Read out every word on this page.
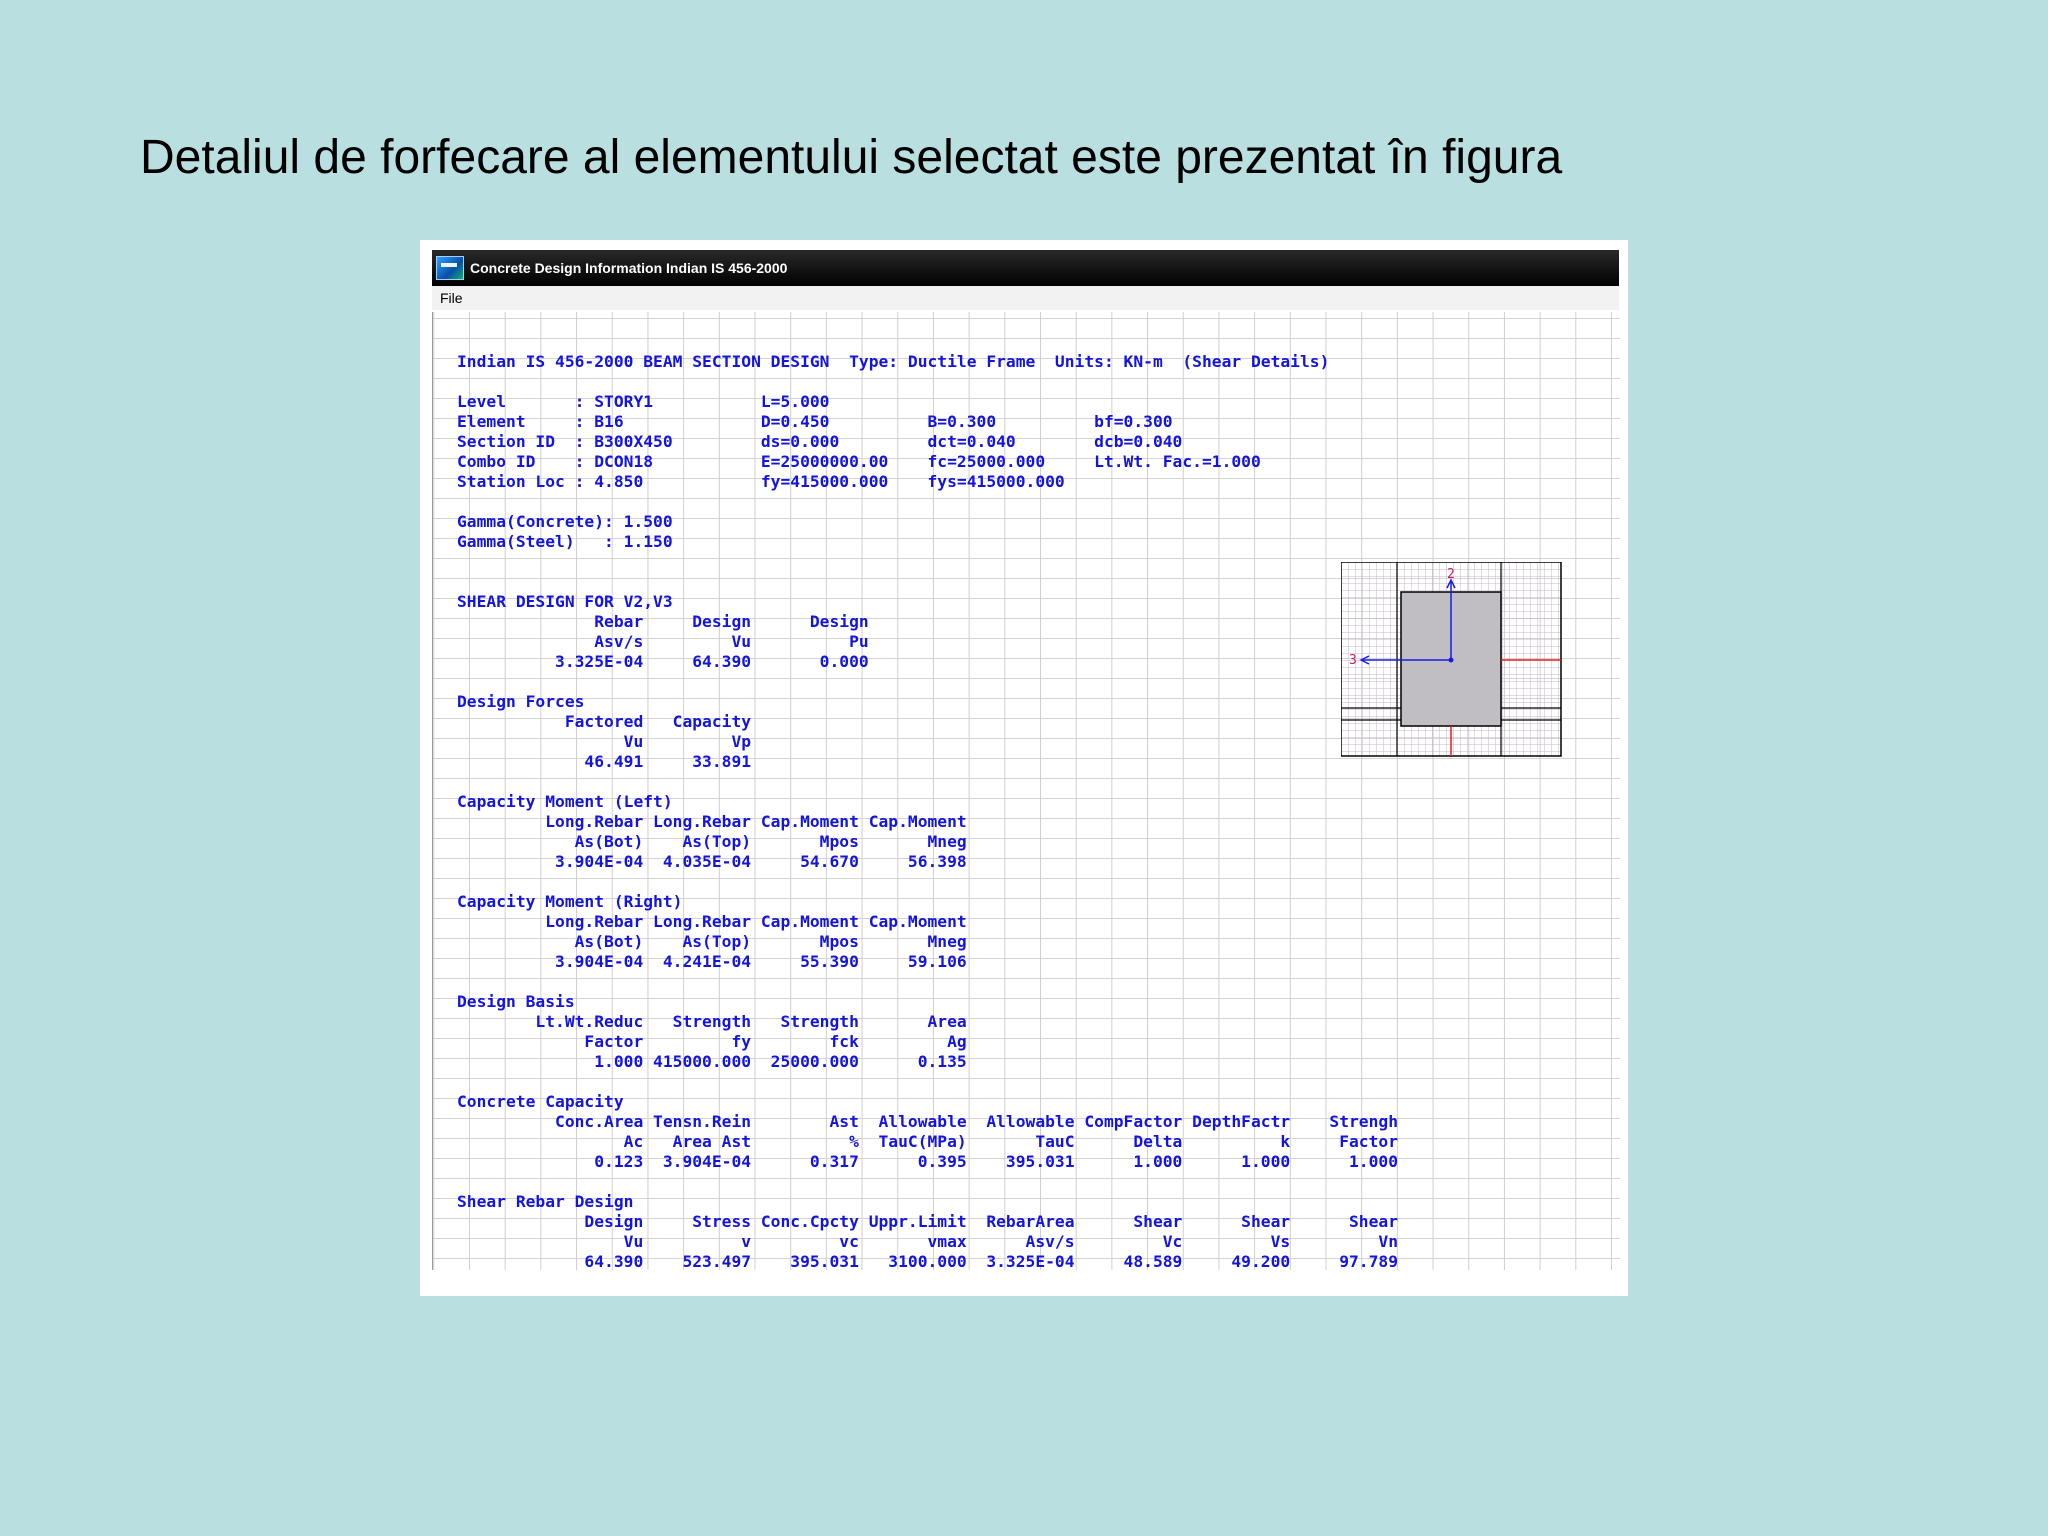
Detaliul de forfecare al elementului selectat este prezentat în figura
Concrete Design Information Indian IS 456-2000
File
2
3
Indian IS 456-2000 BEAM SECTION DESIGN  Type: Ductile Frame  Units: KN-m  (Shear Details)
Level       : STORY1           L=5.000
Element     : B16              D=0.450          B=0.300          bf=0.300
Section ID  : B300X450         ds=0.000         dct=0.040        dcb=0.040
Combo ID    : DCON18           E=25000000.00    fc=25000.000     Lt.Wt. Fac.=1.000
Station Loc : 4.850            fy=415000.000    fys=415000.000
Gamma(Concrete): 1.500
Gamma(Steel)   : 1.150
SHEAR DESIGN FOR V2,V3
Rebar     Design      Design
Asv/s         Vu          Pu
3.325E-04     64.390       0.000
Design Forces
Factored   Capacity
Vu         Vp
46.491     33.891
Capacity Moment (Left)
Long.Rebar Long.Rebar Cap.Moment Cap.Moment
As(Bot)    As(Top)       Mpos       Mneg
3.904E-04  4.035E-04     54.670     56.398
Capacity Moment (Right)
Long.Rebar Long.Rebar Cap.Moment Cap.Moment
As(Bot)    As(Top)       Mpos       Mneg
3.904E-04  4.241E-04     55.390     59.106
Design Basis
Lt.Wt.Reduc   Strength   Strength       Area
Factor         fy        fck         Ag
1.000 415000.000  25000.000      0.135
Concrete Capacity
Conc.Area Tensn.Rein        Ast  Allowable  Allowable CompFactor DepthFactr    Strengh
Ac   Area Ast          %  TauC(MPa)       TauC      Delta          k     Factor
0.123  3.904E-04      0.317      0.395    395.031      1.000      1.000      1.000
Shear Rebar Design
Design     Stress Conc.Cpcty Uppr.Limit  RebarArea      Shear      Shear      Shear
Vu          v         vc       vmax      Asv/s         Vc         Vs         Vn
64.390    523.497    395.031   3100.000  3.325E-04     48.589     49.200     97.789
